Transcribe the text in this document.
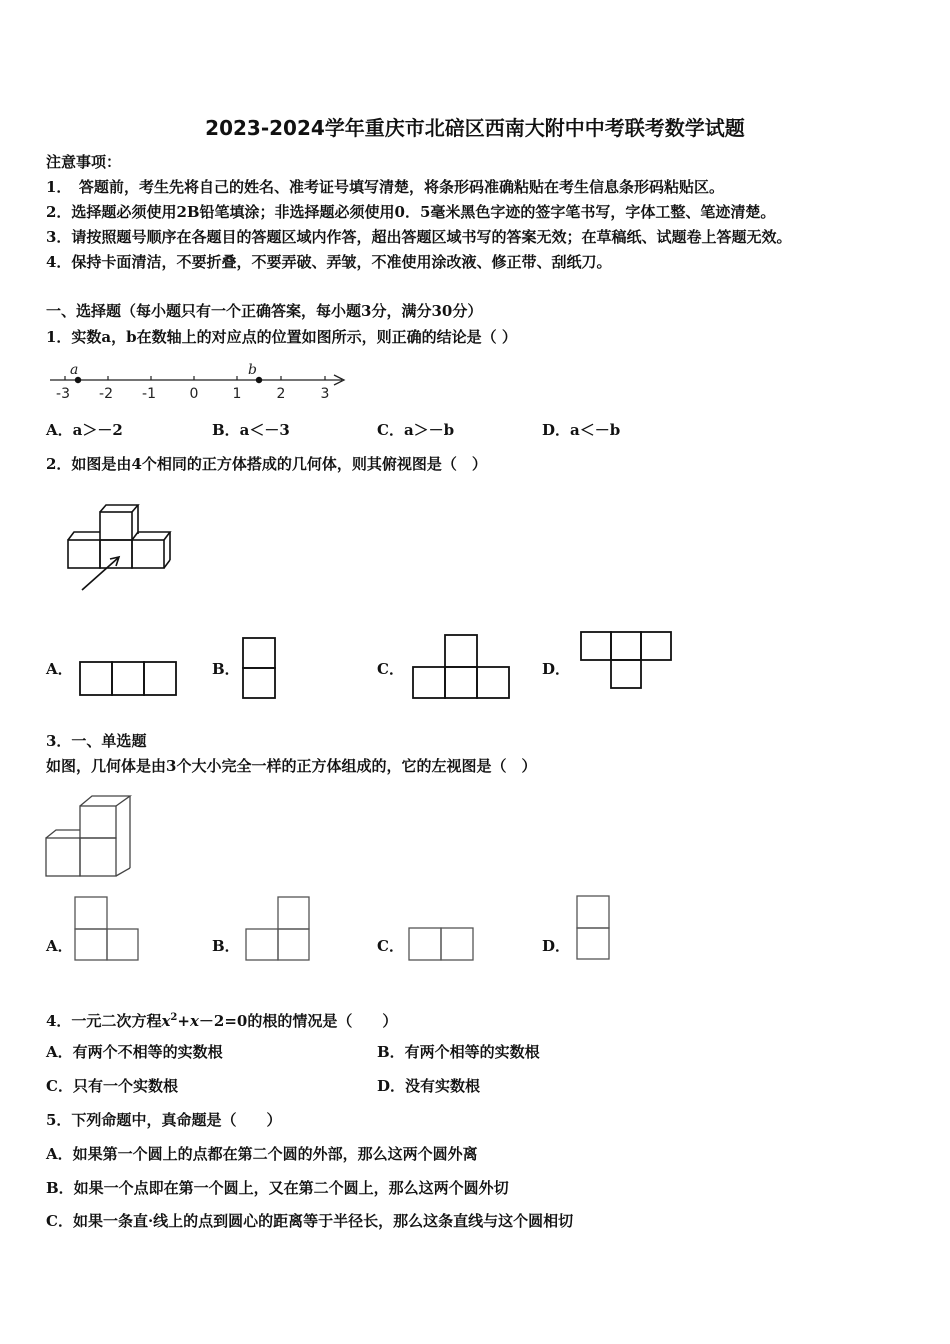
2023-2024学年重庆市北碚区西南大附中中考联考数学试题
注意事项：
1．　答题前，考生先将自己的姓名、准考证号填写清楚，将条形码准确粘贴在考生信息条形码粘贴区。
2．选择题必须使用2B铅笔填涂；非选择题必须使用0．5毫米黑色字迹的签字笔书写，字体工整、笔迹清楚。
3．请按照题号顺序在各题目的答题区域内作答，超出答题区域书写的答案无效；在草稿纸、试题卷上答题无效。
4．保持卡面清洁，不要折叠，不要弄破、弄皱，不准使用涂改液、修正带、刮纸刀。
一、选择题（每小题只有一个正确答案，每小题3分，满分30分）
1．实数a，b在数轴上的对应点的位置如图所示，则正确的结论是（ ）
-3 -2 -1 0 1	2	3
a	b
A．a＞－2	B．a＜－3	C．a＞－b	D．a＜－b
2．如图是由4个相同的正方体搭成的几何体，则其俯视图是（　）
A．	B．	C．	D．
3．一、单选题
如图，几何体是由3个大小完全一样的正方体组成的，它的左视图是（　）
A．	B．	C．	D．
4．一元二次方程$x^2+x-2=0$的根的情况是（　　）
A．有两个不相等的实数根	B．有两个相等的实数根
C．只有一个实数根	D．没有实数根
5．下列命题中，真命题是（　　）
A．如果第一个圆上的点都在第二个圆的外部，那么这两个圆外离
B．如果一个点即在第一个圆上，又在第二个圆上，那么这两个圆外切
C．如果一条直·线上的点到圆心的距离等于半径长，那么这条直线与这个圆相切
